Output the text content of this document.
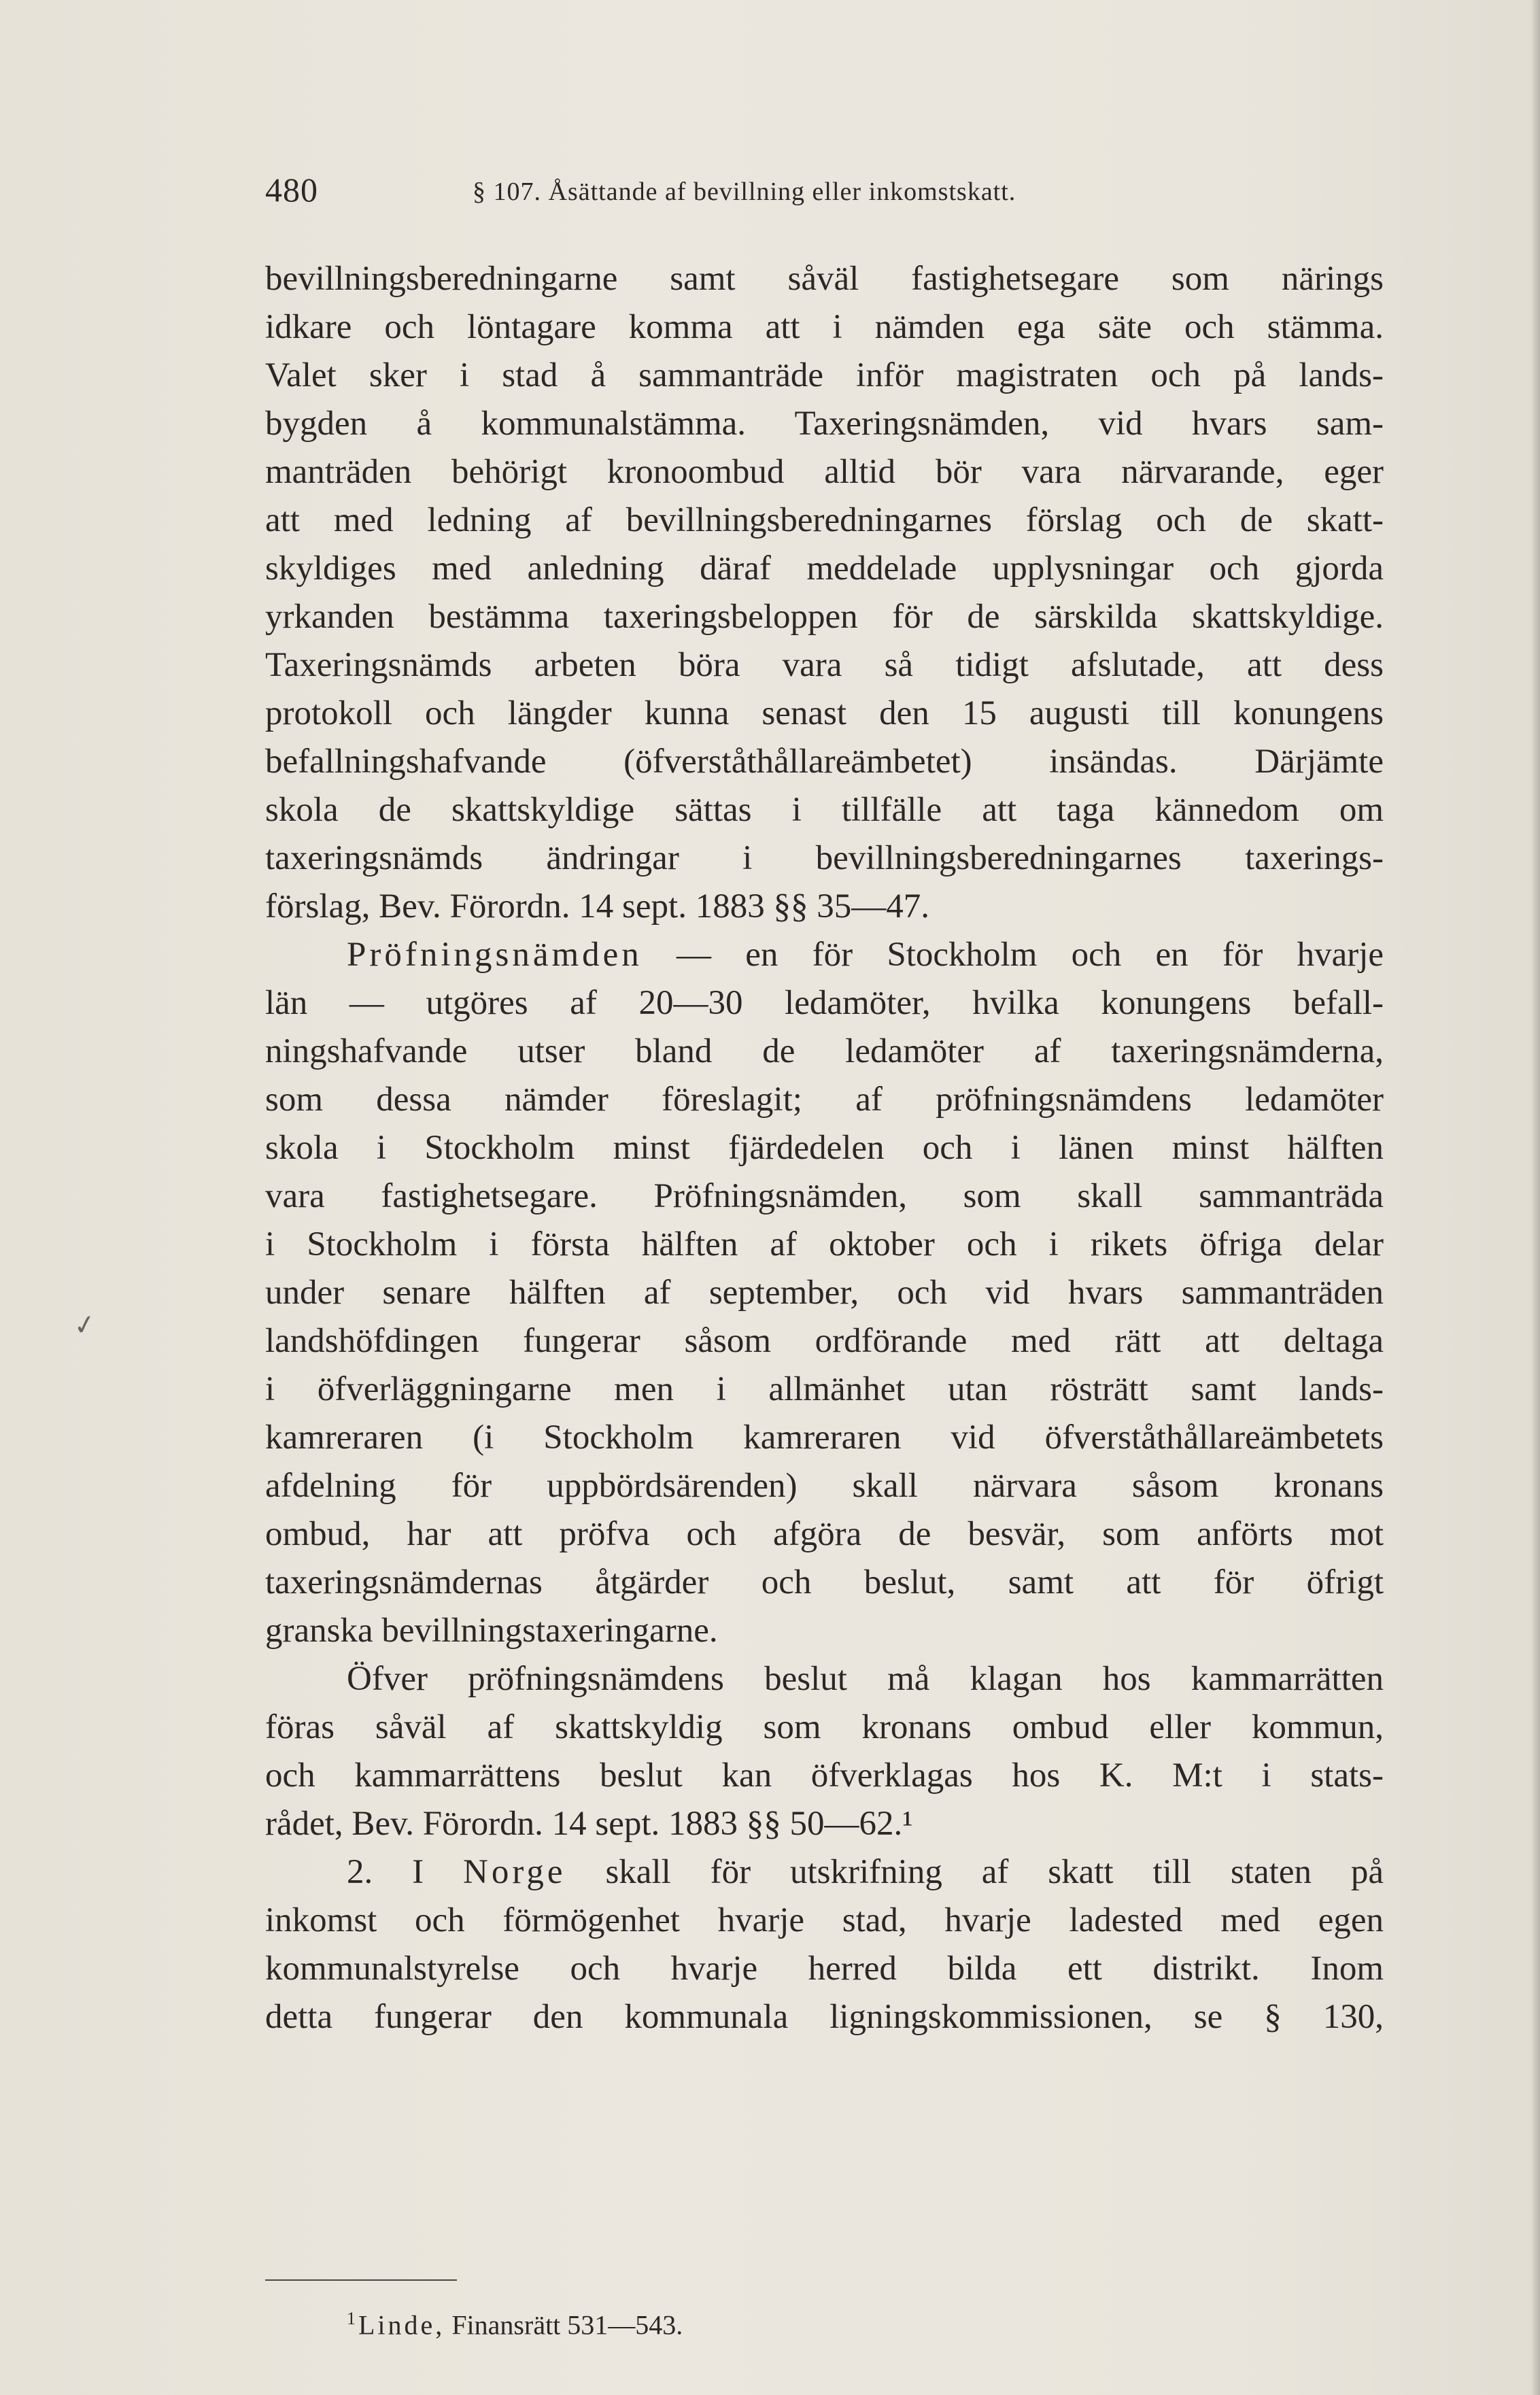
480	§ 107. Åsättande af bevillning eller inkomstskatt.
bevillningsberedningarne samt såväl fastighetsegare som närings
idkare och löntagare komma att i nämden ega säte och stämma.
Valet sker i stad å sammanträde inför magistraten och på lands-
bygden å kommunalstämma. Taxeringsnämden, vid hvars sam-
manträden behörigt kronoombud alltid bör vara närvarande, eger
att med ledning af bevillningsberedningarnes förslag och de skatt-
skyldiges med anledning däraf meddelade upplysningar och gjorda
yrkanden bestämma taxeringsbeloppen för de särskilda skattskyldige.
Taxeringsnämds arbeten böra vara så tidigt afslutade, att dess
protokoll och längder kunna senast den 15 augusti till konungens
befallningshafvande (öfverståthållareämbetet) insändas. Därjämte
skola de skattskyldige sättas i tillfälle att taga kännedom om
taxeringsnämds ändringar i bevillningsberedningarnes taxerings-
förslag, Bev. Förordn. 14 sept. 1883 §§ 35—47.
Pröfningsnämden — en för Stockholm och en för hvarje
län — utgöres af 20—30 ledamöter, hvilka konungens befall-
ningshafvande utser bland de ledamöter af taxeringsnämderna,
som dessa nämder föreslagit; af pröfningsnämdens ledamöter
skola i Stockholm minst fjärdedelen och i länen minst hälften
vara fastighetsegare. Pröfningsnämden, som skall sammanträda
i Stockholm i första hälften af oktober och i rikets öfriga delar
under senare hälften af september, och vid hvars sammanträden
landshöfdingen fungerar såsom ordförande med rätt att deltaga
i öfverläggningarne men i allmänhet utan rösträtt samt lands-
kamreraren (i Stockholm kamreraren vid öfverståthållareämbetets
afdelning för uppbördsärenden) skall närvara såsom kronans
ombud, har att pröfva och afgöra de besvär, som anförts mot
taxeringsnämdernas åtgärder och beslut, samt att för öfrigt
granska bevillningstaxeringarne.
Öfver pröfningsnämdens beslut må klagan hos kammarrätten
föras såväl af skattskyldig som kronans ombud eller kommun,
och kammarrättens beslut kan öfverklagas hos K. M:t i stats-
rådet, Bev. Förordn. 14 sept. 1883 §§ 50—62.¹
2. I Norge skall för utskrifning af skatt till staten på
inkomst och förmögenhet hvarje stad, hvarje ladested med egen
kommunalstyrelse och hvarje herred bilda ett distrikt. Inom
detta fungerar den kommunala ligningskommissionen, se § 130,
$^1$ Linde, Finansrätt 531—543.
✓
